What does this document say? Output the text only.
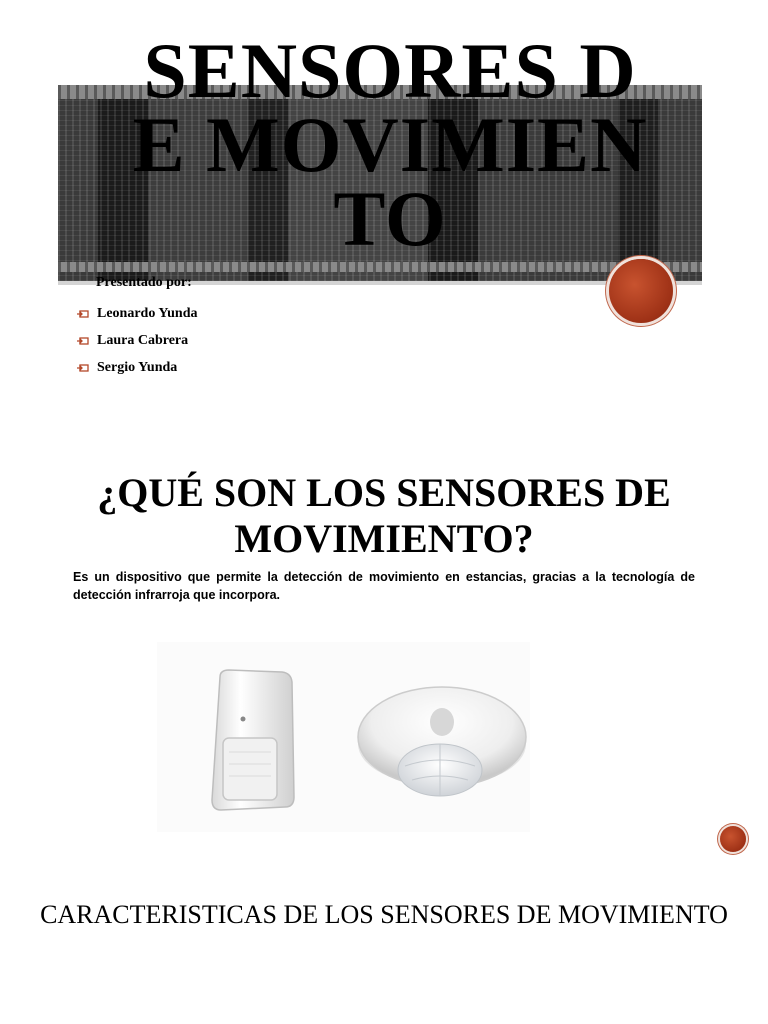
SENSORES DE MOVIMIENTO
Presentado por:
Leonardo Yunda
Laura Cabrera
Sergio Yunda
¿QUÉ SON LOS SENSORES DE MOVIMIENTO?

Es un dispositivo que permite la detección de movimiento en estancias, gracias a la tecnología de detección infrarroja que incorpora.

CARACTERISTICAS DE LOS SENSORES DE MOVIMIENTO
